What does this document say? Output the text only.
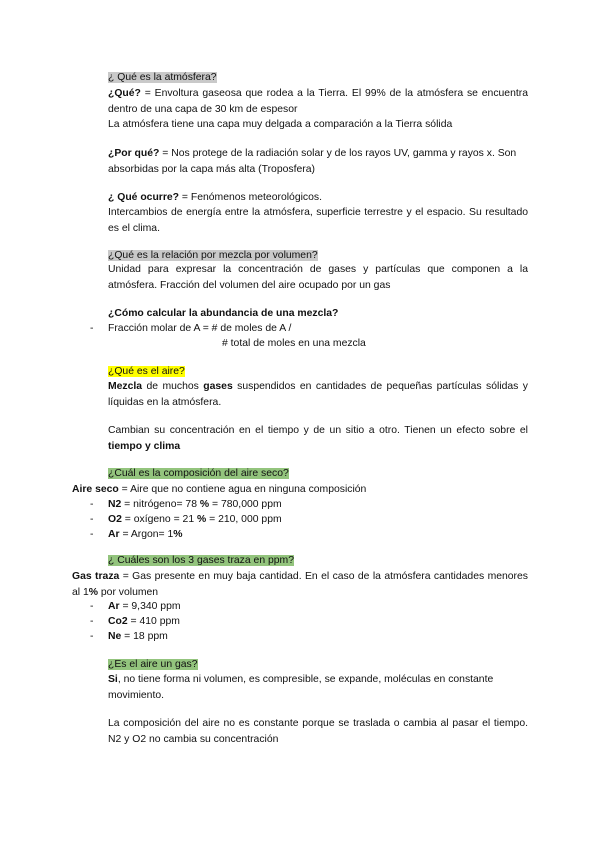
¿ Qué es la atmósfera?
¿Qué? = Envoltura gaseosa que rodea a la Tierra. El 99% de la atmósfera se encuentra dentro de una capa de 30 km de espesor
La atmósfera tiene una capa muy delgada a comparación a la Tierra sólida
¿Por qué? = Nos protege de la radiación solar y de los rayos UV, gamma y rayos x. Son absorbidas por la capa más alta (Troposfera)
¿ Qué ocurre? = Fenómenos meteorológicos.
Intercambios de energía entre la atmósfera, superficie terrestre y el espacio. Su resultado es el clima.
¿Qué es la relación por mezcla por volumen?
Unidad para expresar la concentración de gases y partículas que componen a la atmósfera. Fracción del volumen del aire ocupado por un gas
¿Cómo calcular la abundancia de una mezcla?
- Fracción molar de A = # de moles de A /
# total de moles en una mezcla
¿Qué es el aire?
Mezcla de muchos gases suspendidos en cantidades de pequeñas partículas sólidas y líquidas en la atmósfera.
Cambian su concentración en el tiempo y de un sitio a otro. Tienen un efecto sobre el tiempo y clima
¿Cuál es la composición del aire seco?
Aire seco = Aire que no contiene agua en ninguna composición
- N2 = nitrógeno= 78 % = 780,000 ppm
- O2 = oxígeno = 21 % = 210, 000 ppm
- Ar = Argon= 1%
¿ Cuáles son los 3 gases traza en ppm?
Gas traza = Gas presente en muy baja cantidad. En el caso de la atmósfera cantidades menores al 1% por volumen
- Ar = 9,340 ppm
- Co2 = 410 ppm
- Ne = 18 ppm
¿Es el aire un gas?
Si, no tiene forma ni volumen, es compresible, se expande, moléculas en constante movimiento.
La composición del aire no es constante porque se traslada o cambia al pasar el tiempo. N2 y O2 no cambia su concentración
